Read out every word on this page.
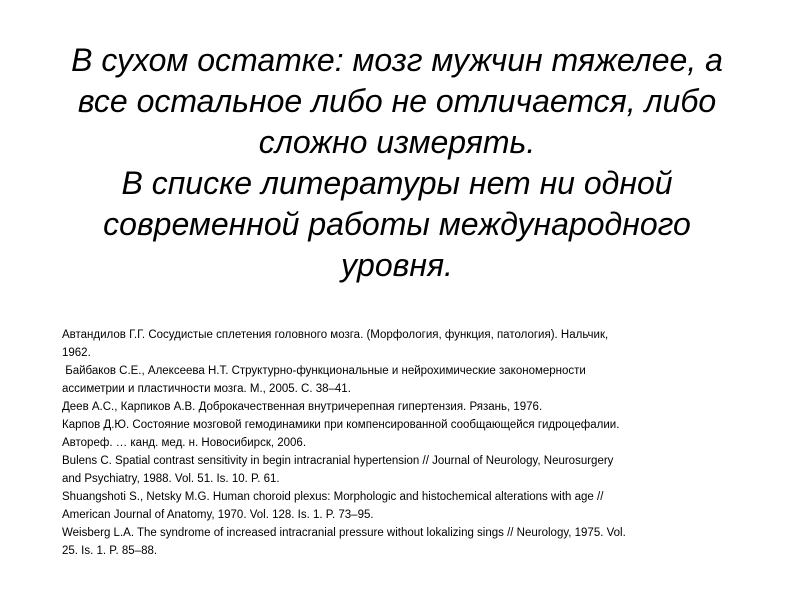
В сухом остатке: мозг мужчин тяжелее, а
все остальное либо не отличается, либо
сложно измерять.
В списке литературы нет ни одной
современной работы международного
уровня.
Автандилов Г.Г. Сосудистые сплетения головного мозга. (Морфология, функция, патология). Нальчик,
1962.
Байбаков С.Е., Алексеева Н.Т. Структурно-функциональные и нейрохимические закономерности
ассиметрии и пластичности мозга. М., 2005. С. 38–41.
Деев А.С., Карпиков А.В. Доброкачественная внутричерепная гипертензия. Рязань, 1976.
Карпов Д.Ю. Состояние мозговой гемодинамики при компенсированной сообщающейся гидроцефалии.
Автореф. … канд. мед. н. Новосибирск, 2006.
Bulens C. Spatial contrast sensitivity in begin intracranial hypertension // Journal of Neurology, Neurosurgery
and Psychiatry, 1988. Vol. 51. Is. 10. P. 61.
Shuangshoti S., Netsky M.G. Human choroid plexus: Morphologic and histochemical alterations with age //
American Journal of Anatomy, 1970. Vol. 128. Is. 1. P. 73–95.
Weisberg L.A. The syndrome of increased intracranial pressure without lokalizing sings // Neurology, 1975. Vol.
25. Is. 1. P. 85–88.
